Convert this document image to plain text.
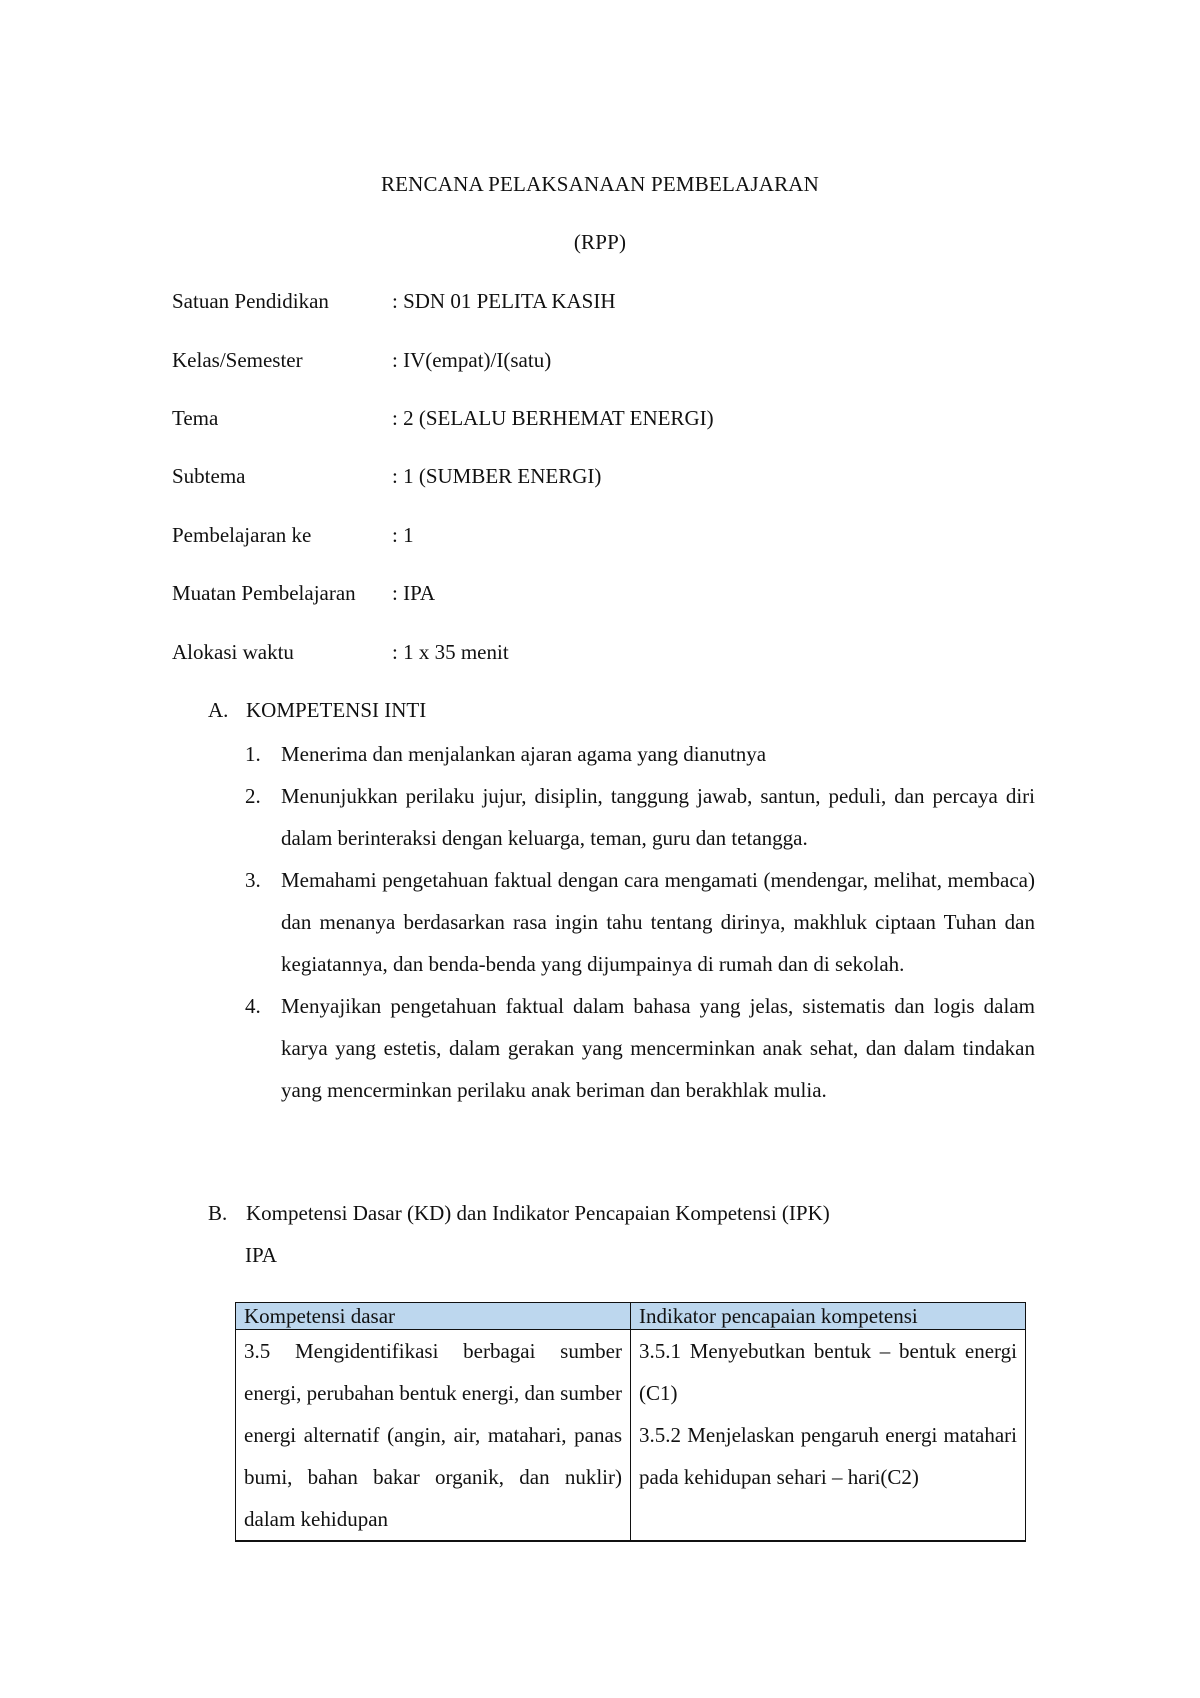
RENCANA PELAKSANAAN PEMBELAJARAN
(RPP)
Satuan Pendidikan	: SDN 01 PELITA KASIH
Kelas/Semester	: IV(empat)/I(satu)
Tema	: 2 (SELALU BERHEMAT ENERGI)
Subtema	: 1 (SUMBER ENERGI)
Pembelajaran ke	: 1
Muatan Pembelajaran	: IPA
Alokasi waktu	: 1 x 35 menit
A. KOMPETENSI INTI
1. Menerima dan menjalankan ajaran agama yang dianutnya
2. Menunjukkan perilaku jujur, disiplin, tanggung jawab, santun, peduli, dan percaya diri dalam berinteraksi dengan keluarga, teman, guru dan tetangga.
3. Memahami pengetahuan faktual dengan cara mengamati (mendengar, melihat, membaca) dan menanya berdasarkan rasa ingin tahu tentang dirinya, makhluk ciptaan Tuhan dan kegiatannya, dan benda-benda yang dijumpainya di rumah dan di sekolah.
4. Menyajikan pengetahuan faktual dalam bahasa yang jelas, sistematis dan logis dalam karya yang estetis, dalam gerakan yang mencerminkan anak sehat, dan dalam tindakan yang mencerminkan perilaku anak beriman dan berakhlak mulia.
B. Kompetensi Dasar (KD) dan Indikator Pencapaian Kompetensi (IPK)
IPA
Kompetensi dasar	Indikator pencapaian kompetensi
3.5 Mengidentifikasi berbagai sumber energi, perubahan bentuk energi, dan sumber energi alternatif (angin, air, matahari, panas bumi, bahan bakar organik, dan nuklir) dalam kehidupan	3.5.1 Menyebutkan bentuk – bentuk energi (C1)
3.5.2 Menjelaskan pengaruh energi matahari pada kehidupan sehari – hari(C2)
